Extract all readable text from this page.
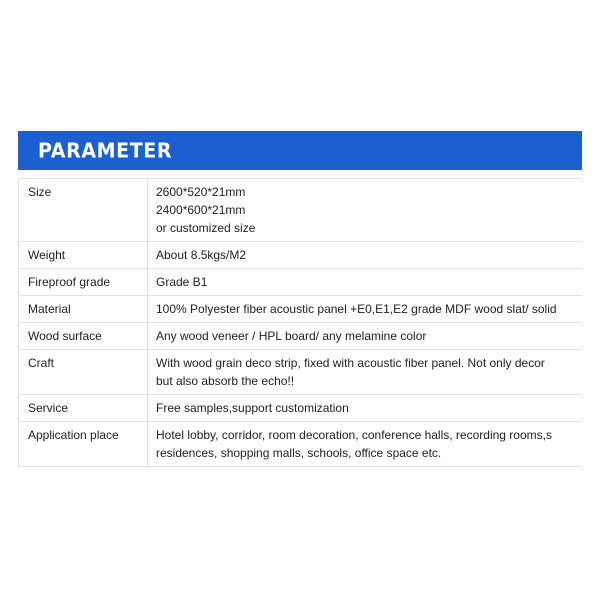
PARAMETER
Size	2600*520*21mm
2400*600*21mm
or customized size

Weight	About 8.5kgs/M2

Fireproof grade	Grade B1

Material	100% Polyester fiber acoustic panel +E0,E1,E2 grade MDF wood slat/ solid

Wood surface	Any wood veneer / HPL board/ any melamine color

Craft	With wood grain deco strip, fixed with acoustic fiber panel. Not only decor
but also absorb the echo!!

Service	Free samples,support customization

Application place	Hotel lobby, corridor, room decoration, conference halls, recording rooms,s
residences, shopping malls, schools, office space etc.
